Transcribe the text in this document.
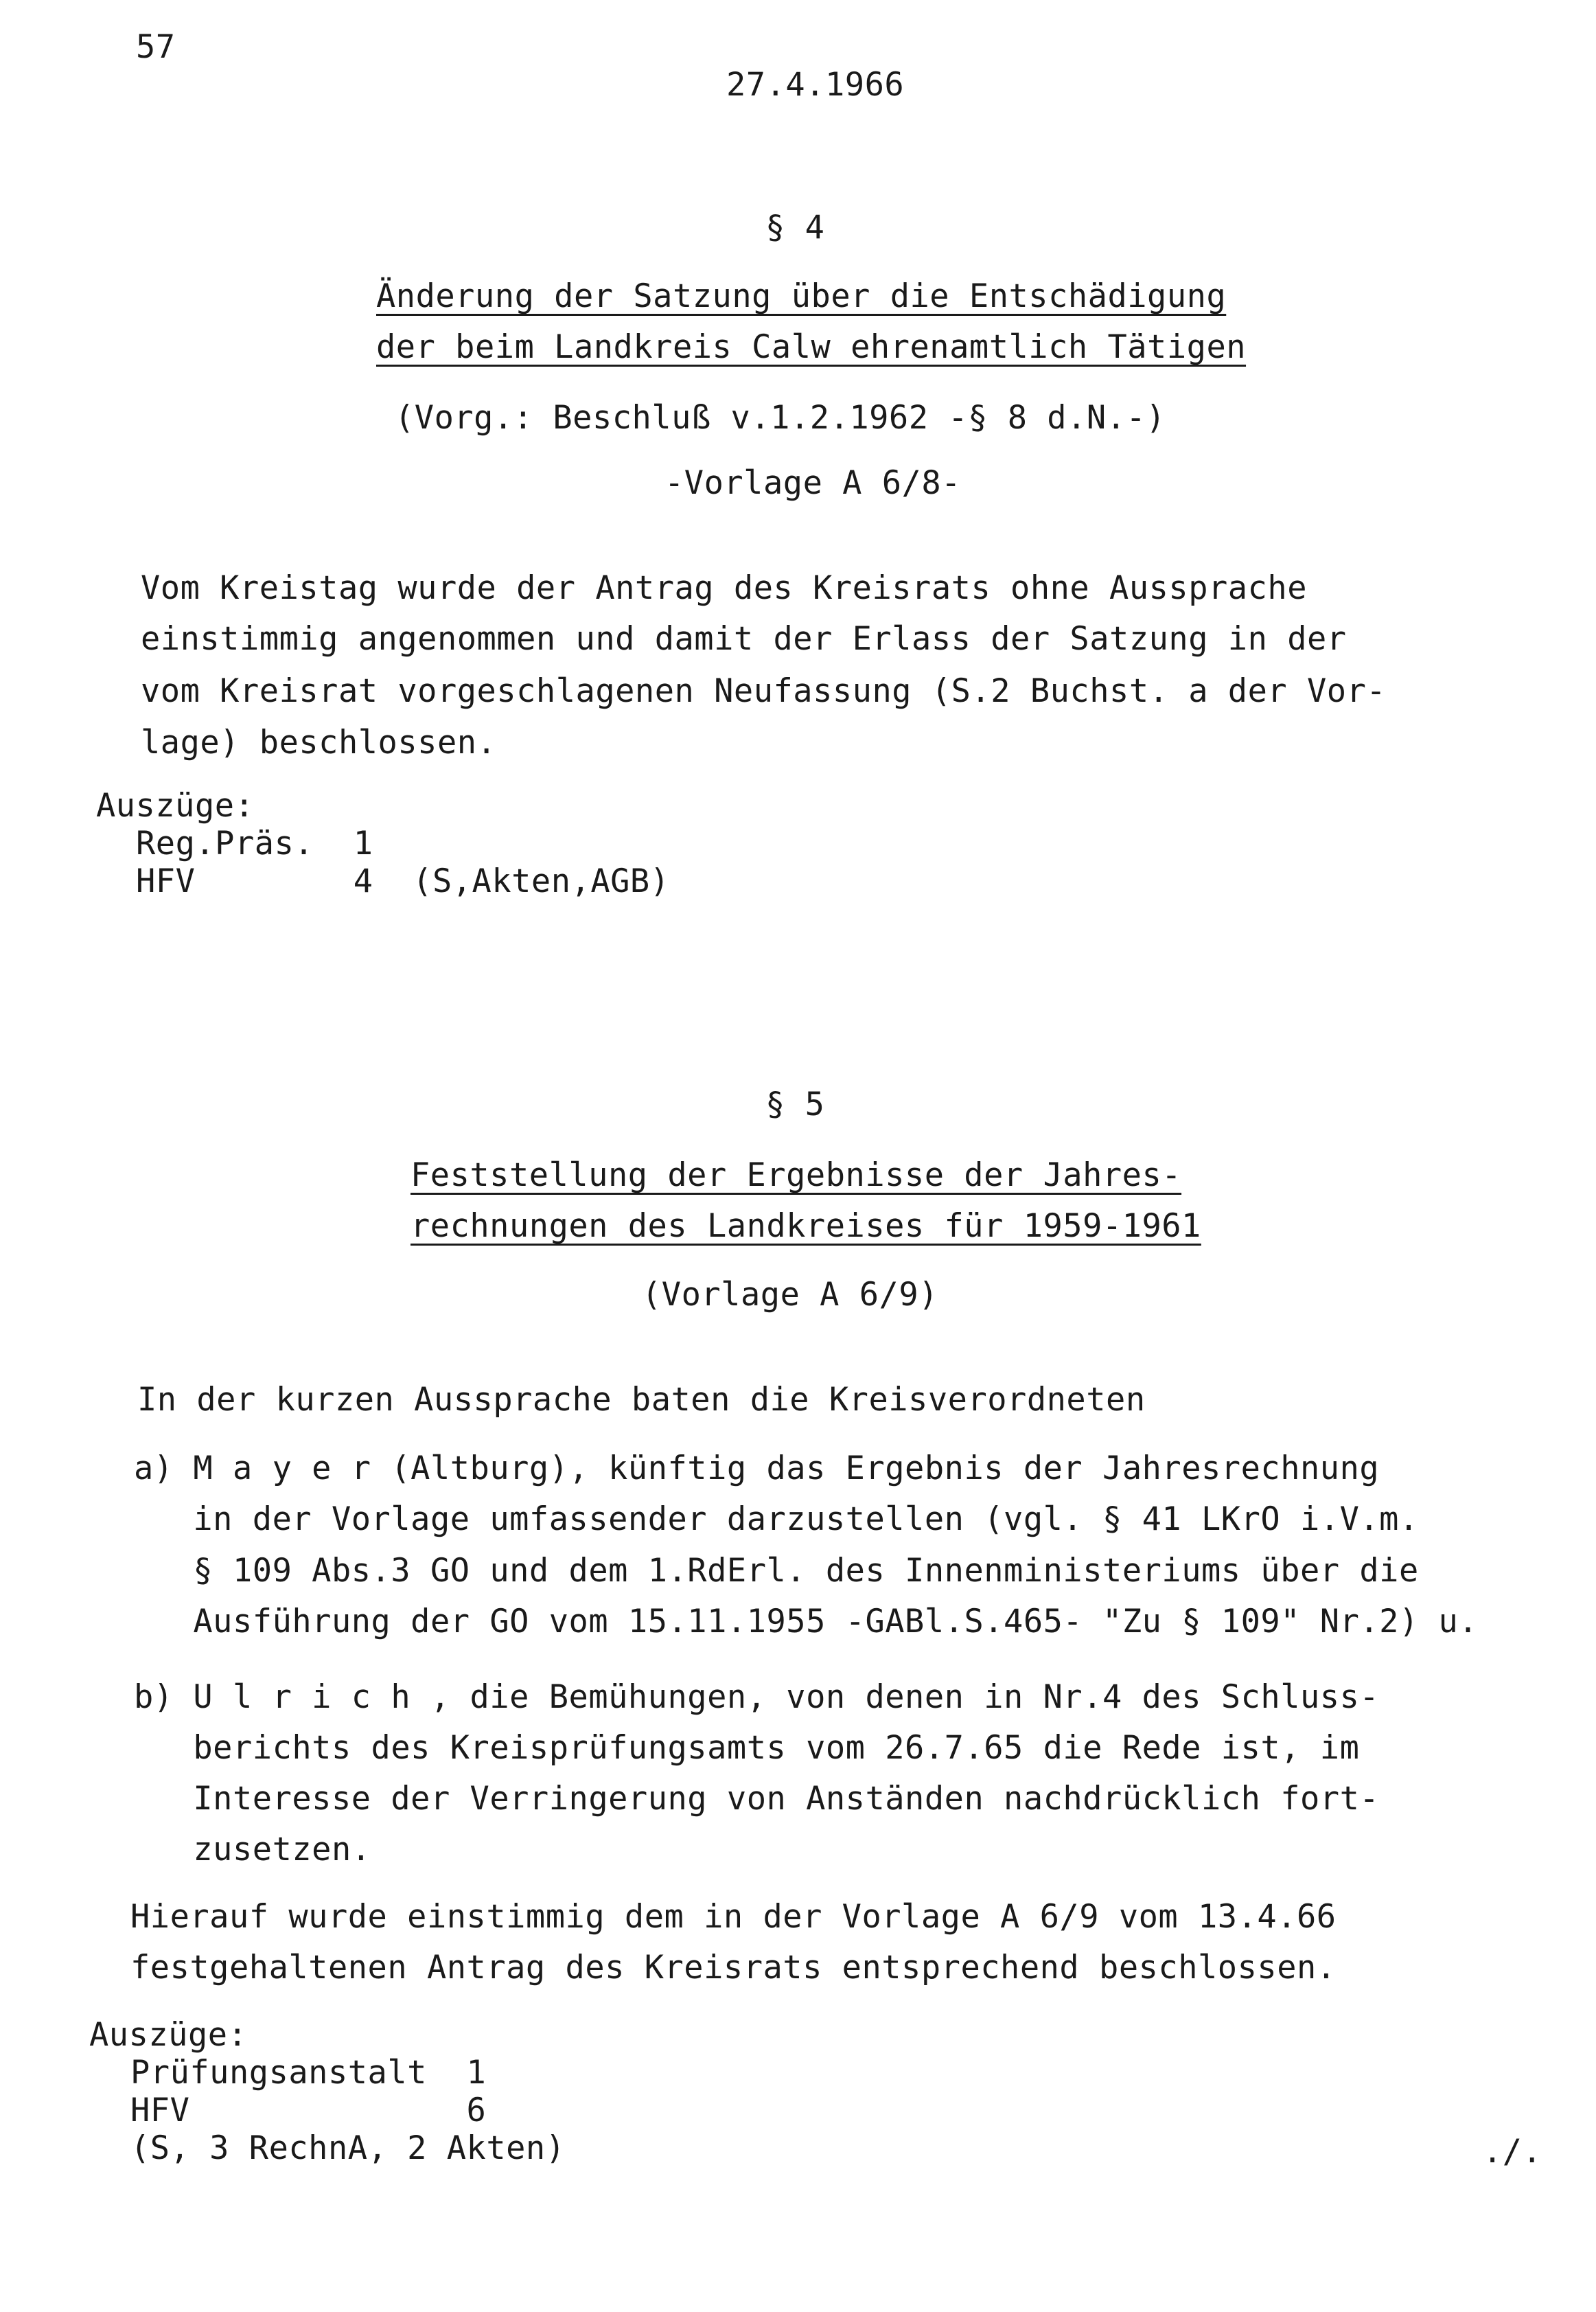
57
27.4.1966
§ 4
Änderung der Satzung über die Entschädigung
der beim Landkreis Calw ehrenamtlich Tätigen
(Vorg.: Beschluß v.1.2.1962 -§ 8 d.N.-)
-Vorlage A 6/8-
Vom Kreistag wurde der Antrag des Kreisrats ohne Aussprache
einstimmig angenommen und damit der Erlass der Satzung in der
vom Kreisrat vorgeschlagenen Neufassung (S.2 Buchst. a der Vor-
lage) beschlossen.
Auszüge:
Reg.Präs.  1
HFV        4  (S,Akten,AGB)
§ 5
Feststellung der Ergebnisse der Jahres-
rechnungen des Landkreises für 1959-1961
(Vorlage A 6/9)
In der kurzen Aussprache baten die Kreisverordneten
a) M a y e r (Altburg), künftig das Ergebnis der Jahresrechnung
in der Vorlage umfassender darzustellen (vgl. § 41 LKrO i.V.m.
§ 109 Abs.3 GO und dem 1.RdErl. des Innenministeriums über die
Ausführung der GO vom 15.11.1955 -GABl.S.465- "Zu § 109" Nr.2) u.
b) U l r i c h , die Bemühungen, von denen in Nr.4 des Schluss-
berichts des Kreisprüfungsamts vom 26.7.65 die Rede ist, im
Interesse der Verringerung von Anständen nachdrücklich fort-
zusetzen.
Hierauf wurde einstimmig dem in der Vorlage A 6/9 vom 13.4.66
festgehaltenen Antrag des Kreisrats entsprechend beschlossen.
Auszüge:
Prüfungsanstalt  1
HFV              6
(S, 3 RechnA, 2 Akten)	./.
